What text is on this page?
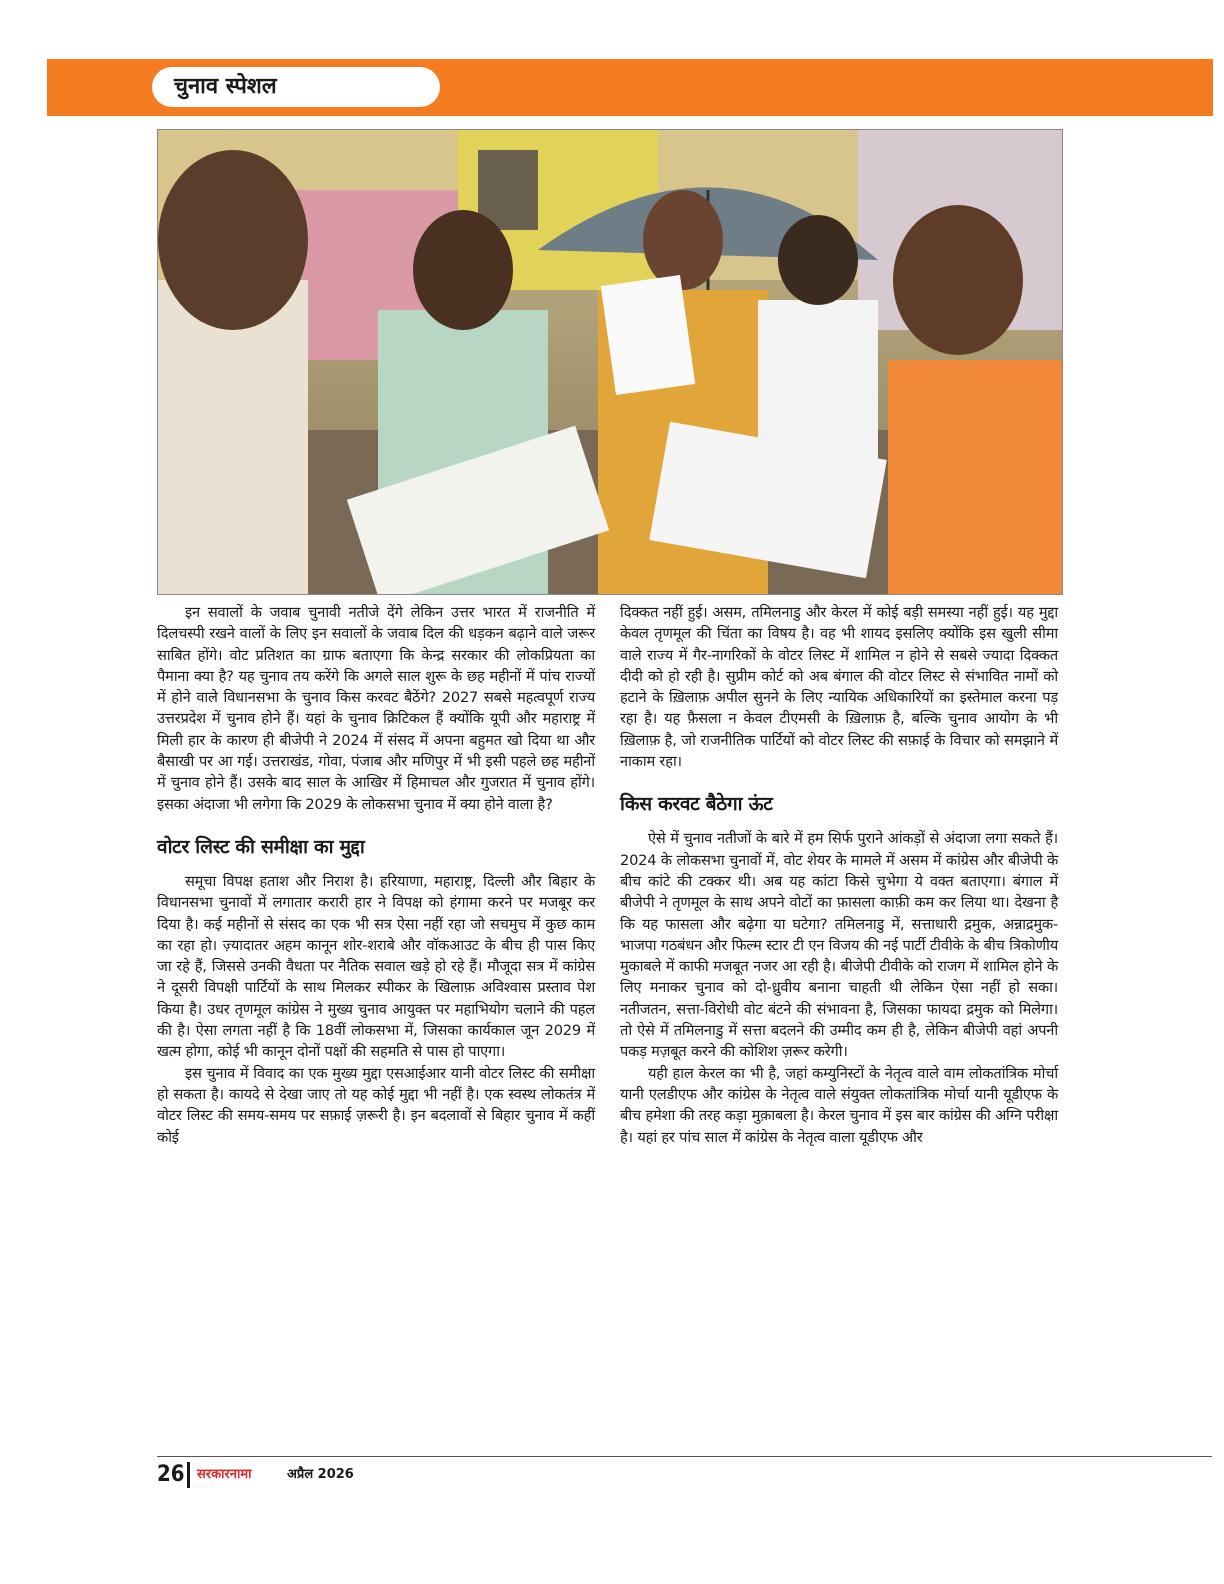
चुनाव स्पेशल

इन सवालों के जवाब चुनावी नतीजे देंगे लेकिन उत्तर भारत में राजनीति में दिलचस्पी रखने वालों के लिए इन सवालों के जवाब दिल की धड़कन बढ़ाने वाले जरूर साबित होंगे। वोट प्रतिशत का ग्राफ बताएगा कि केन्द्र सरकार की लोकप्रियता का पैमाना क्या है? यह चुनाव तय करेंगे कि अगले साल शुरू के छह महीनों में पांच राज्यों में होने वाले विधानसभा के चुनाव किस करवट बैठेंगे? 2027 सबसे महत्वपूर्ण राज्य उत्तरप्रदेश में चुनाव होने हैं। यहां के चुनाव क्रिटिकल हैं क्योंकि यूपी और महाराष्ट्र में मिली हार के कारण ही बीजेपी ने 2024 में संसद में अपना बहुमत खो दिया था और बैसाखी पर आ गई। उत्तराखंड, गोवा, पंजाब और मणिपुर में भी इसी पहले छह महीनों में चुनाव होने हैं। उसके बाद साल के आखिर में हिमाचल और गुजरात में चुनाव होंगे। इसका अंदाजा भी लगेगा कि 2029 के लोकसभा चुनाव में क्या होने वाला है?

वोटर लिस्ट की समीक्षा का मुद्दा

समूचा विपक्ष हताश और निराश है। हरियाणा, महाराष्ट्र, दिल्ली और बिहार के विधानसभा चुनावों में लगातार करारी हार ने विपक्ष को हंगामा करने पर मजबूर कर दिया है। कई महीनों से संसद का एक भी सत्र ऐसा नहीं रहा जो सचमुच में कुछ काम का रहा हो। ज़्यादातर अहम कानून शोर-शराबे और वॉकआउट के बीच ही पास किए जा रहे हैं, जिससे उनकी वैधता पर नैतिक सवाल खड़े हो रहे हैं। मौजूदा सत्र में कांग्रेस ने दूसरी विपक्षी पार्टियों के साथ मिलकर स्पीकर के खिलाफ़ अविश्वास प्रस्ताव पेश किया है। उधर तृणमूल कांग्रेस ने मुख्य चुनाव आयुक्त पर महाभियोग चलाने की पहल की है। ऐसा लगता नहीं है कि 18वीं लोकसभा में, जिसका कार्यकाल जून 2029 में खत्म होगा, कोई भी कानून दोनों पक्षों की सहमति से पास हो पाएगा।

इस चुनाव में विवाद का एक मुख्य मुद्दा एसआईआर यानी वोटर लिस्ट की समीक्षा हो सकता है। कायदे से देखा जाए तो यह कोई मुद्दा भी नहीं है। एक स्वस्थ लोकतंत्र में वोटर लिस्ट की समय-समय पर सफ़ाई ज़रूरी है। इन बदलावों से बिहार चुनाव में कहीं कोई

दिक्कत नहीं हुई। असम, तमिलनाडु और केरल में कोई बड़ी समस्या नहीं हुई। यह मुद्दा केवल तृणमूल की चिंता का विषय है। वह भी शायद इसलिए क्योंकि इस खुली सीमा वाले राज्य में गैर-नागरिकों के वोटर लिस्ट में शामिल न होने से सबसे ज्यादा दिक्कत दीदी को हो रही है। सुप्रीम कोर्ट को अब बंगाल की वोटर लिस्ट से संभावित नामों को हटाने के ख़िलाफ़ अपील सुनने के लिए न्यायिक अधिकारियों का इस्तेमाल करना पड़ रहा है। यह फ़ैसला न केवल टीएमसी के ख़िलाफ़ है, बल्कि चुनाव आयोग के भी ख़िलाफ़ है, जो राजनीतिक पार्टियों को वोटर लिस्ट की सफ़ाई के विचार को समझाने में नाकाम रहा।

किस करवट बैठेगा ऊंट

ऐसे में चुनाव नतीजों के बारे में हम सिर्फ पुराने आंकड़ों से अंदाजा लगा सकते हैं। 2024 के लोकसभा चुनावों में, वोट शेयर के मामले में असम में कांग्रेस और बीजेपी के बीच कांटे की टक्कर थी। अब यह कांटा किसे चुभेगा ये वक्त बताएगा। बंगाल में बीजेपी ने तृणमूल के साथ अपने वोटों का फ़ासला काफ़ी कम कर लिया था। देखना है कि यह फासला और बढ़ेगा या घटेगा? तमिलनाडु में, सत्ताधारी द्रमुक, अन्नाद्रमुक-भाजपा गठबंधन और फिल्म स्टार टी एन विजय की नई पार्टी टीवीके के बीच त्रिकोणीय मुकाबले में काफी मजबूत नजर आ रही है। बीजेपी टीवीके को राजग में शामिल होने के लिए मनाकर चुनाव को दो-ध्रुवीय बनाना चाहती थी लेकिन ऐसा नहीं हो सका। नतीजतन, सत्ता-विरोधी वोट बंटने की संभावना है, जिसका फायदा द्रमुक को मिलेगा। तो ऐसे में तमिलनाडु में सत्ता बदलने की उम्मीद कम ही है, लेकिन बीजेपी वहां अपनी पकड़ मज़बूत करने की कोशिश ज़रूर करेगी।

यही हाल केरल का भी है, जहां कम्युनिस्टों के नेतृत्व वाले वाम लोकतांत्रिक मोर्चा यानी एलडीएफ और कांग्रेस के नेतृत्व वाले संयुक्त लोकतांत्रिक मोर्चा यानी यूडीएफ के बीच हमेशा की तरह कड़ा मुक़ाबला है। केरल चुनाव में इस बार कांग्रेस की अग्नि परीक्षा है। यहां हर पांच साल में कांग्रेस के नेतृत्व वाला यूडीएफ और

26 सरकारनामा	अप्रैल 2026
